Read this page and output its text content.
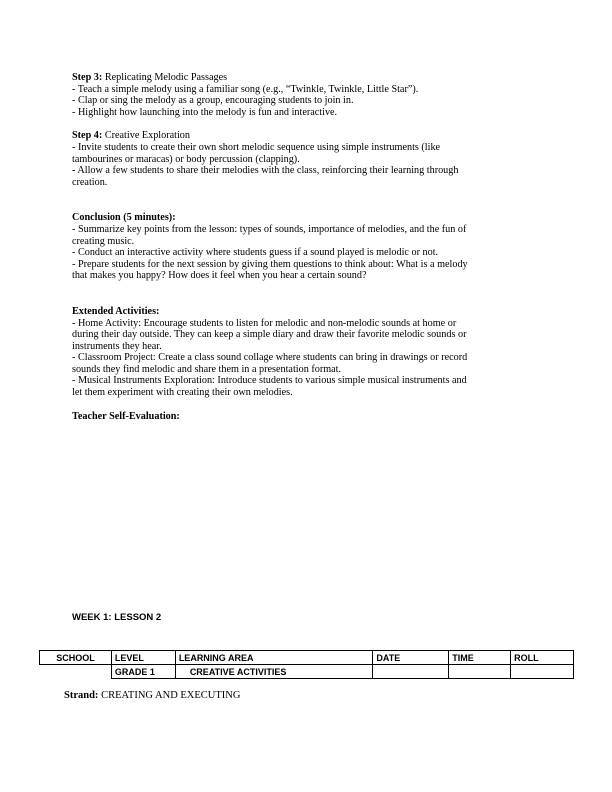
Step 3: Replicating Melodic Passages
- Teach a simple melody using a familiar song (e.g., “Twinkle, Twinkle, Little Star”).
- Clap or sing the melody as a group, encouraging students to join in.
- Highlight how launching into the melody is fun and interactive.
Step 4: Creative Exploration
- Invite students to create their own short melodic sequence using simple instruments (like
tambourines or maracas) or body percussion (clapping).
- Allow a few students to share their melodies with the class, reinforcing their learning through
creation.
Conclusion (5 minutes):
- Summarize key points from the lesson: types of sounds, importance of melodies, and the fun of
creating music.
- Conduct an interactive activity where students guess if a sound played is melodic or not.
- Prepare students for the next session by giving them questions to think about: What is a melody
that makes you happy? How does it feel when you hear a certain sound?
Extended Activities:
- Home Activity: Encourage students to listen for melodic and non-melodic sounds at home or
during their day outside. They can keep a simple diary and draw their favorite melodic sounds or
instruments they hear.
- Classroom Project: Create a class sound collage where students can bring in drawings or record
sounds they find melodic and share them in a presentation format.
- Musical Instruments Exploration: Introduce students to various simple musical instruments and
let them experiment with creating their own melodies.
Teacher Self-Evaluation:
WEEK 1: LESSON 2
SCHOOL	LEVEL	LEARNING AREA	DATE	TIME	ROLL
	GRADE 1	CREATIVE ACTIVITIES			
Strand: CREATING AND EXECUTING
